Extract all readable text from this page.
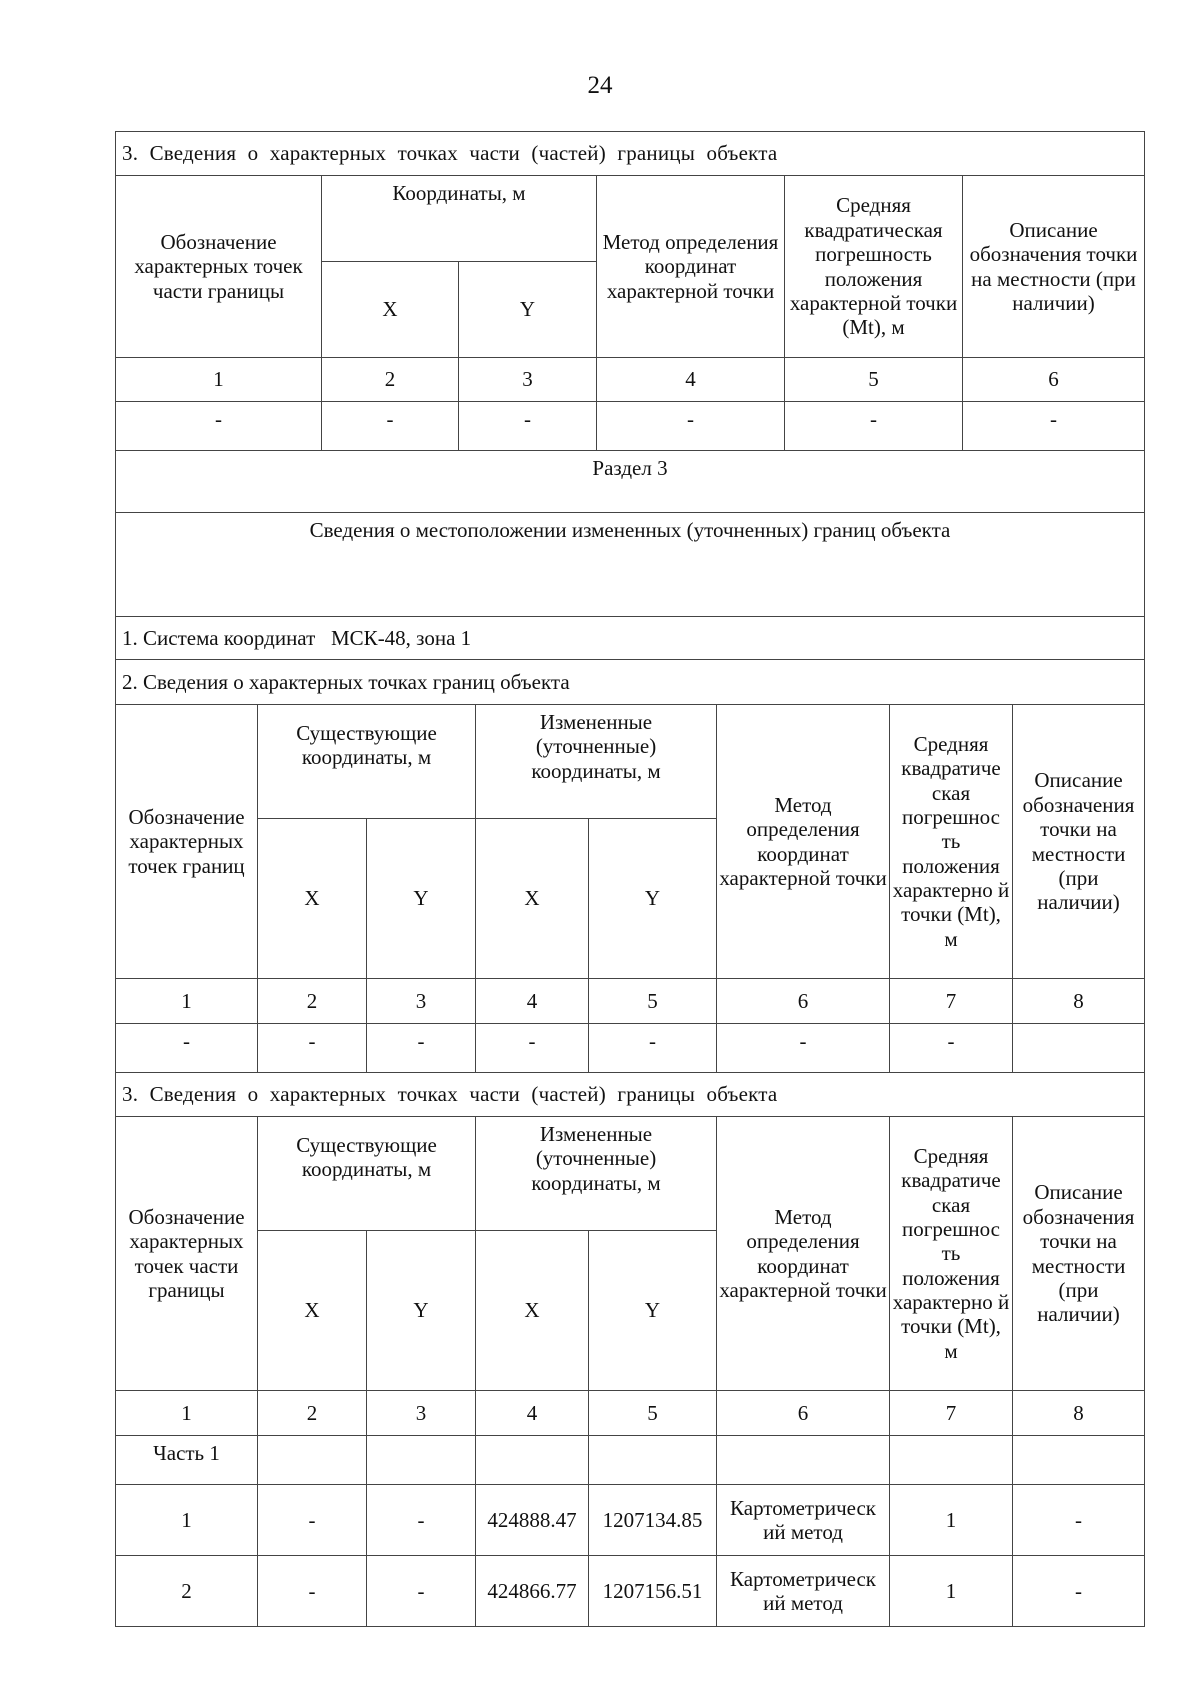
24
3. Сведения о характерных точках части (частей) границы объекта					
Обозначение характерных точек части границы	Координаты, м		Метод определения координат характерной точки	Средняя квадратическая погрешность положения характерной точки (Mt), м	Описание обозначения точки на местности (при наличии)
	X	Y			
1	2	3	4	5	6
-	-	-	-	-	-
Раздел 3					
Сведения о местоположении измененных (уточненных) границ объекта					
1. Система координат   МСК-48, зона 1					
2. Сведения о характерных точках границ объекта					
Обозначение характерных точек границ	Существующие координаты, м		Измененные (уточненные) координаты, м		Метод определения координат характерной точки	Средняя квадратиче ская погрешнос ть положения характерно й точки (Mt), м	Описание обозначения точки на местности (при наличии)
	X	Y	X	Y			
1	2	3	4	5	6	7	8
-	-	-	-	-	-	-	
3. Сведения о характерных точках части (частей) границы объекта							
Обозначение характерных точек части границы	Существующие координаты, м		Измененные (уточненные) координаты, м		Метод определения координат характерной точки	Средняя квадратиче ская погрешнос ть положения характерно й точки (Mt), м	Описание обозначения точки на местности (при наличии)
	X	Y	X	Y			
1	2	3	4	5	6	7	8
Часть 1							
1	-	-	424888.47	1207134.85	Картометрическ ий метод	1	-
2	-	-	424866.77	1207156.51	Картометрическ ий метод	1	-
